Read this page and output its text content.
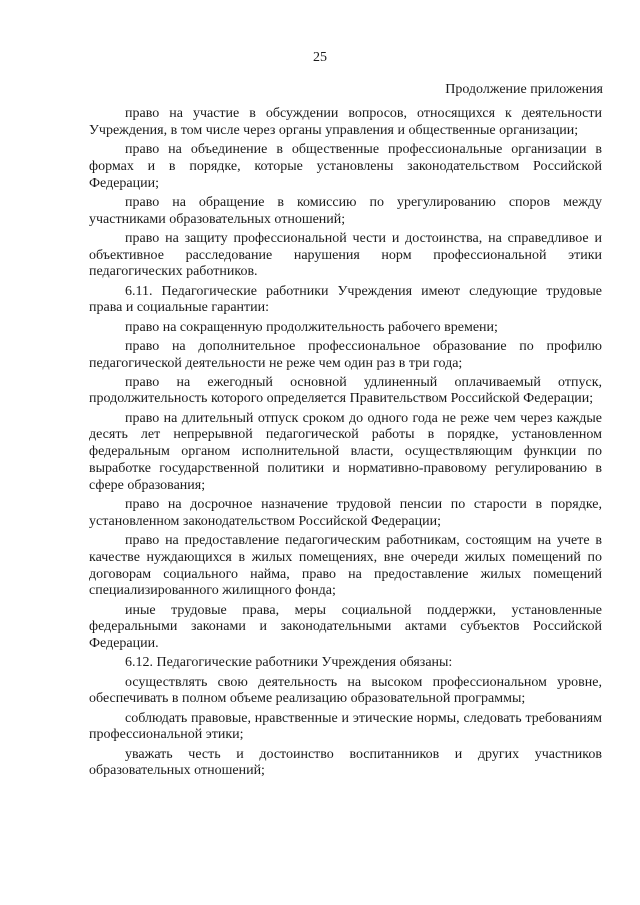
25
Продолжение приложения

право на участие в обсуждении вопросов, относящихся к деятельности Учреждения, в том числе через органы управления и общественные организации;

право на объединение в общественные профессиональные организации в формах и в порядке, которые установлены законодательством Российской Федерации;

право на обращение в комиссию по урегулированию споров между участниками образовательных отношений;

право на защиту профессиональной чести и достоинства, на справедливое и объективное расследование нарушения норм профессиональной этики педагогических работников.

6.11. Педагогические работники Учреждения имеют следующие трудовые права и социальные гарантии:

право на сокращенную продолжительность рабочего времени;

право на дополнительное профессиональное образование по профилю педагогической деятельности не реже чем один раз в три года;

право на ежегодный основной удлиненный оплачиваемый отпуск, продолжительность которого определяется Правительством Российской Федерации;

право на длительный отпуск сроком до одного года не реже чем через каждые десять лет непрерывной педагогической работы в порядке, установленном федеральным органом исполнительной власти, осуществляющим функции по выработке государственной политики и нормативно-правовому регулированию в сфере образования;

право на досрочное назначение трудовой пенсии по старости в порядке, установленном законодательством Российской Федерации;

право на предоставление педагогическим работникам, состоящим на учете в качестве нуждающихся в жилых помещениях, вне очереди жилых помещений по договорам социального найма, право на предоставление жилых помещений специализированного жилищного фонда;

иные трудовые права, меры социальной поддержки, установленные федеральными законами и законодательными актами субъектов Российской Федерации.

6.12. Педагогические работники Учреждения обязаны:

осуществлять свою деятельность на высоком профессиональном уровне, обеспечивать в полном объеме реализацию образовательной программы;

соблюдать правовые, нравственные и этические нормы, следовать требованиям профессиональной этики;

уважать честь и достоинство воспитанников и других участников образовательных отношений;
